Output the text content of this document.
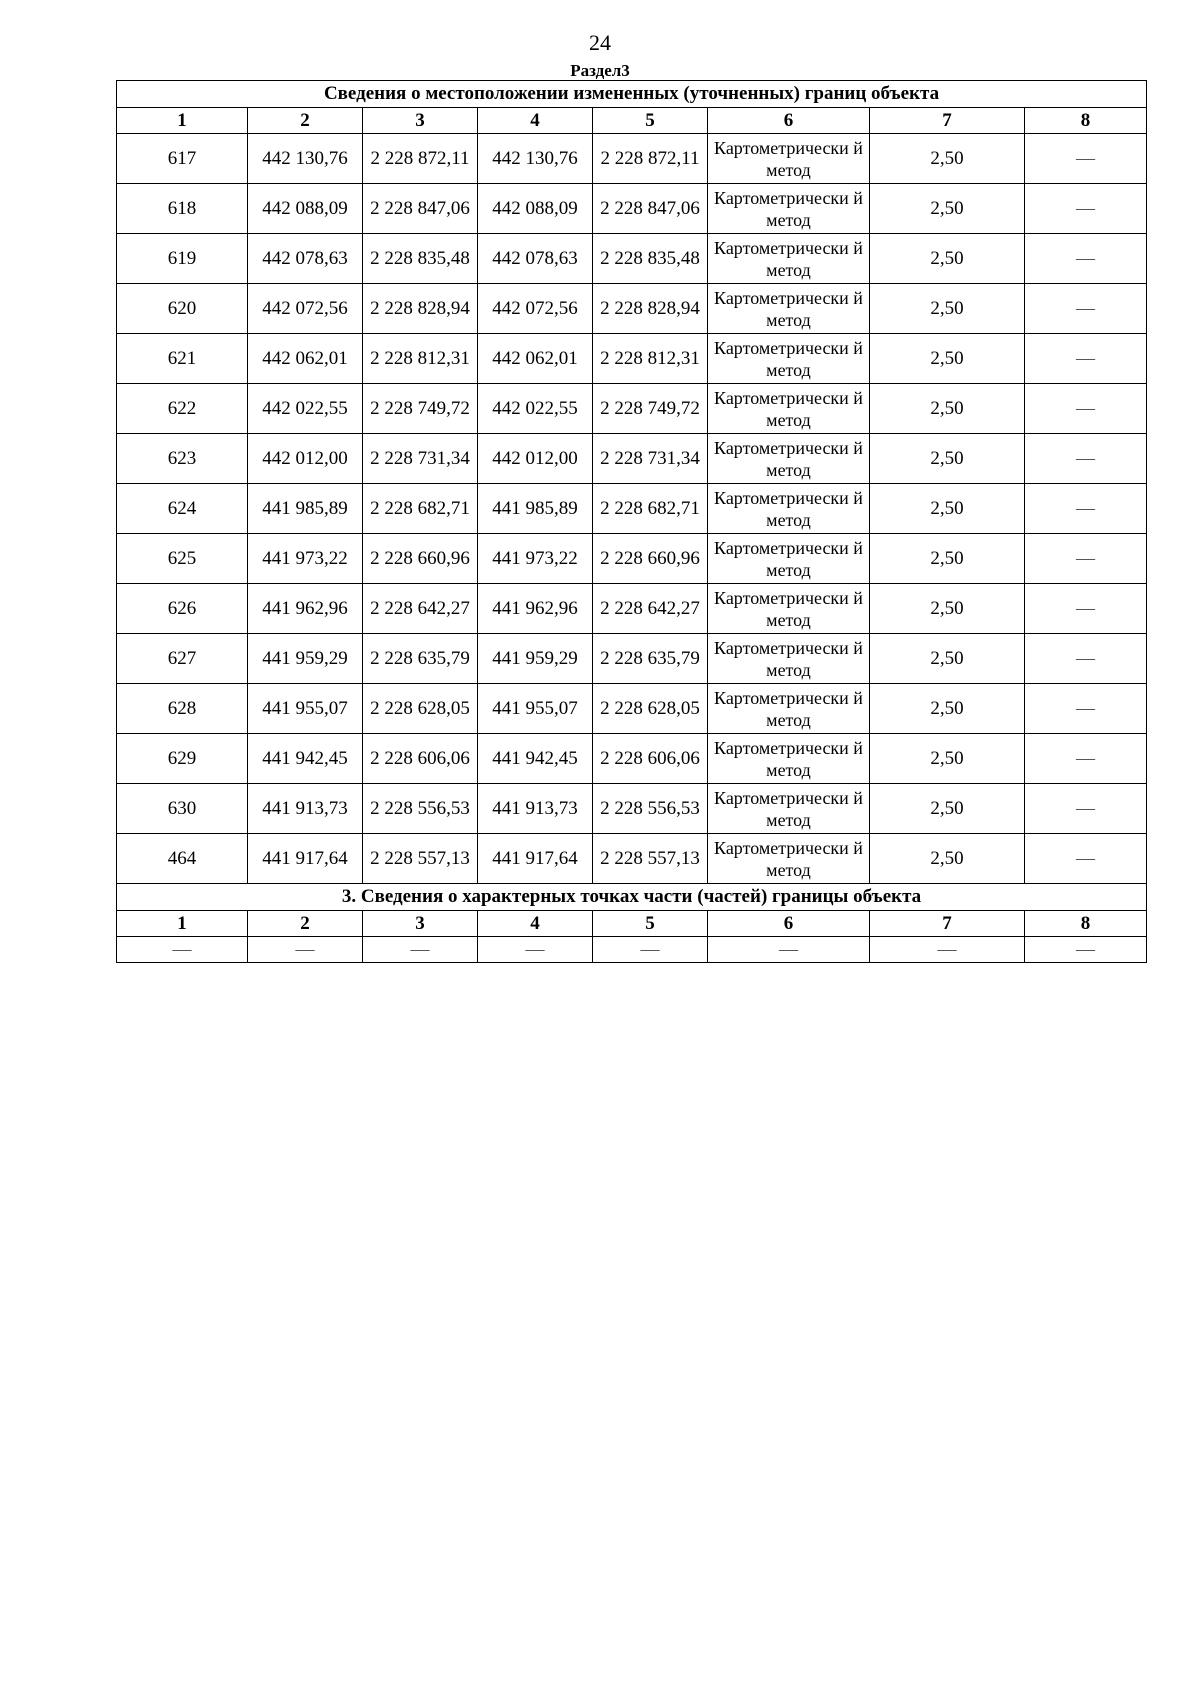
24
Раздел3
Сведения о местоположении измененных (уточненных) границ объекта							
1	2	3	4	5	6	7	8
617	442 130,76	2 228 872,11	442 130,76	2 228 872,11	Картометрически й метод	2,50	—
618	442 088,09	2 228 847,06	442 088,09	2 228 847,06	Картометрически й метод	2,50	—
619	442 078,63	2 228 835,48	442 078,63	2 228 835,48	Картометрически й метод	2,50	—
620	442 072,56	2 228 828,94	442 072,56	2 228 828,94	Картометрически й метод	2,50	—
621	442 062,01	2 228 812,31	442 062,01	2 228 812,31	Картометрически й метод	2,50	—
622	442 022,55	2 228 749,72	442 022,55	2 228 749,72	Картометрически й метод	2,50	—
623	442 012,00	2 228 731,34	442 012,00	2 228 731,34	Картометрически й метод	2,50	—
624	441 985,89	2 228 682,71	441 985,89	2 228 682,71	Картометрически й метод	2,50	—
625	441 973,22	2 228 660,96	441 973,22	2 228 660,96	Картометрически й метод	2,50	—
626	441 962,96	2 228 642,27	441 962,96	2 228 642,27	Картометрически й метод	2,50	—
627	441 959,29	2 228 635,79	441 959,29	2 228 635,79	Картометрически й метод	2,50	—
628	441 955,07	2 228 628,05	441 955,07	2 228 628,05	Картометрически й метод	2,50	—
629	441 942,45	2 228 606,06	441 942,45	2 228 606,06	Картометрически й метод	2,50	—
630	441 913,73	2 228 556,53	441 913,73	2 228 556,53	Картометрически й метод	2,50	—
464	441 917,64	2 228 557,13	441 917,64	2 228 557,13	Картометрически й метод	2,50	—
3. Сведения о характерных точках части (частей) границы объекта							
1	2	3	4	5	6	7	8
—	—	—	—	—	—	—	—
